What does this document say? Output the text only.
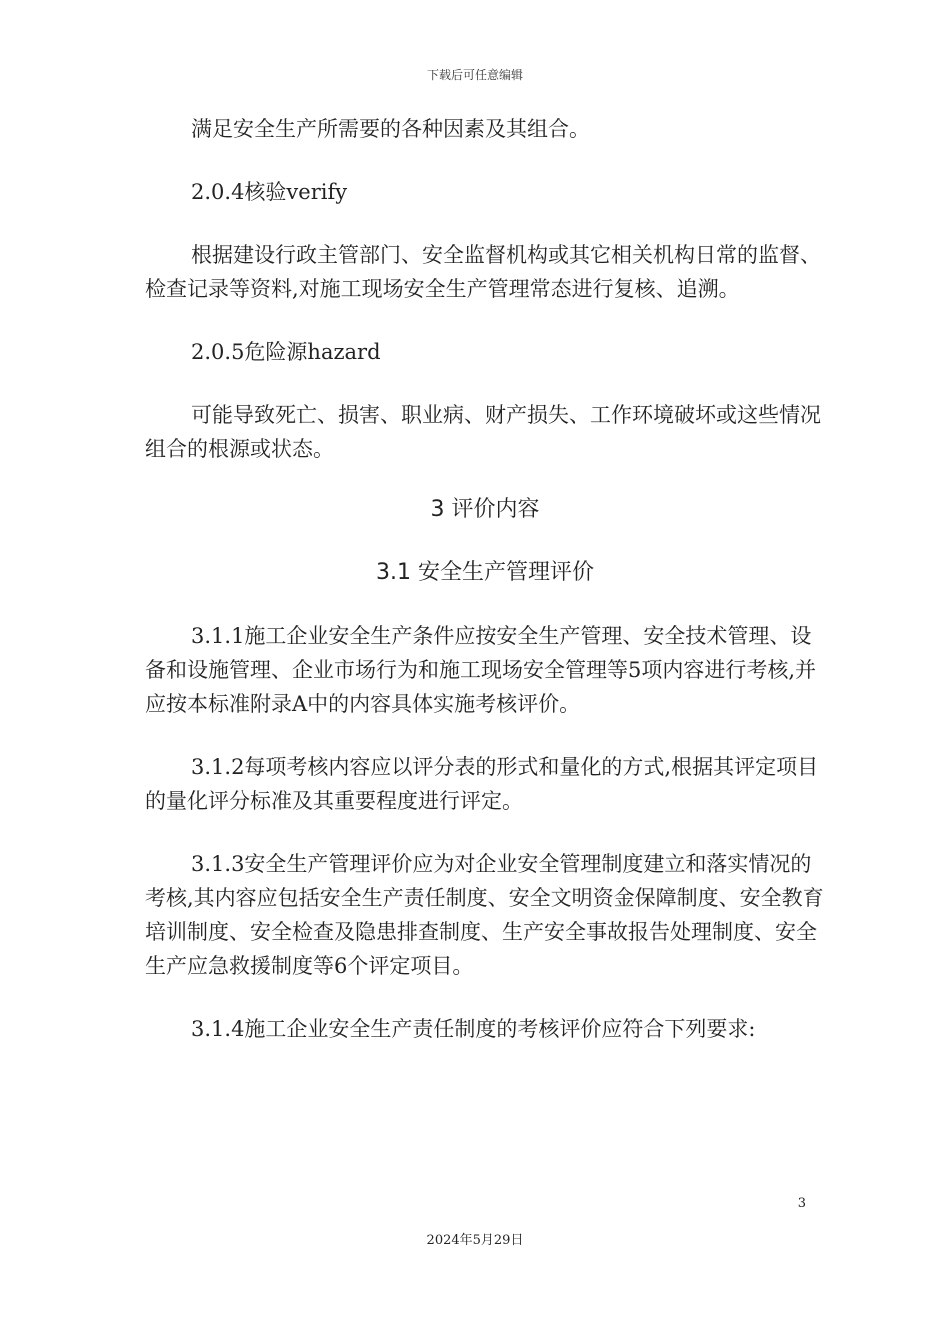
下载后可任意编辑

满足安全生产所需要的各种因素及其组合。

2.0.4核验verify

根据建设行政主管部门、安全监督机构或其它相关机构日常的监督、检查记录等资料,对施工现场安全生产管理常态进行复核、追溯。

2.0.5危险源hazard

可能导致死亡、损害、职业病、财产损失、工作环境破坏或这些情况组合的根源或状态。

3 评价内容

3.1 安全生产管理评价

3.1.1施工企业安全生产条件应按安全生产管理、安全技术管理、设备和设施管理、企业市场行为和施工现场安全管理等5项内容进行考核,并应按本标准附录A中的内容具体实施考核评价。

3.1.2每项考核内容应以评分表的形式和量化的方式,根据其评定项目的量化评分标准及其重要程度进行评定。

3.1.3安全生产管理评价应为对企业安全管理制度建立和落实情况的考核,其内容应包括安全生产责任制度、安全文明资金保障制度、安全教育培训制度、安全检查及隐患排查制度、生产安全事故报告处理制度、安全生产应急救援制度等6个评定项目。

3.1.4施工企业安全生产责任制度的考核评价应符合下列要求:

3
2024年5月29日
